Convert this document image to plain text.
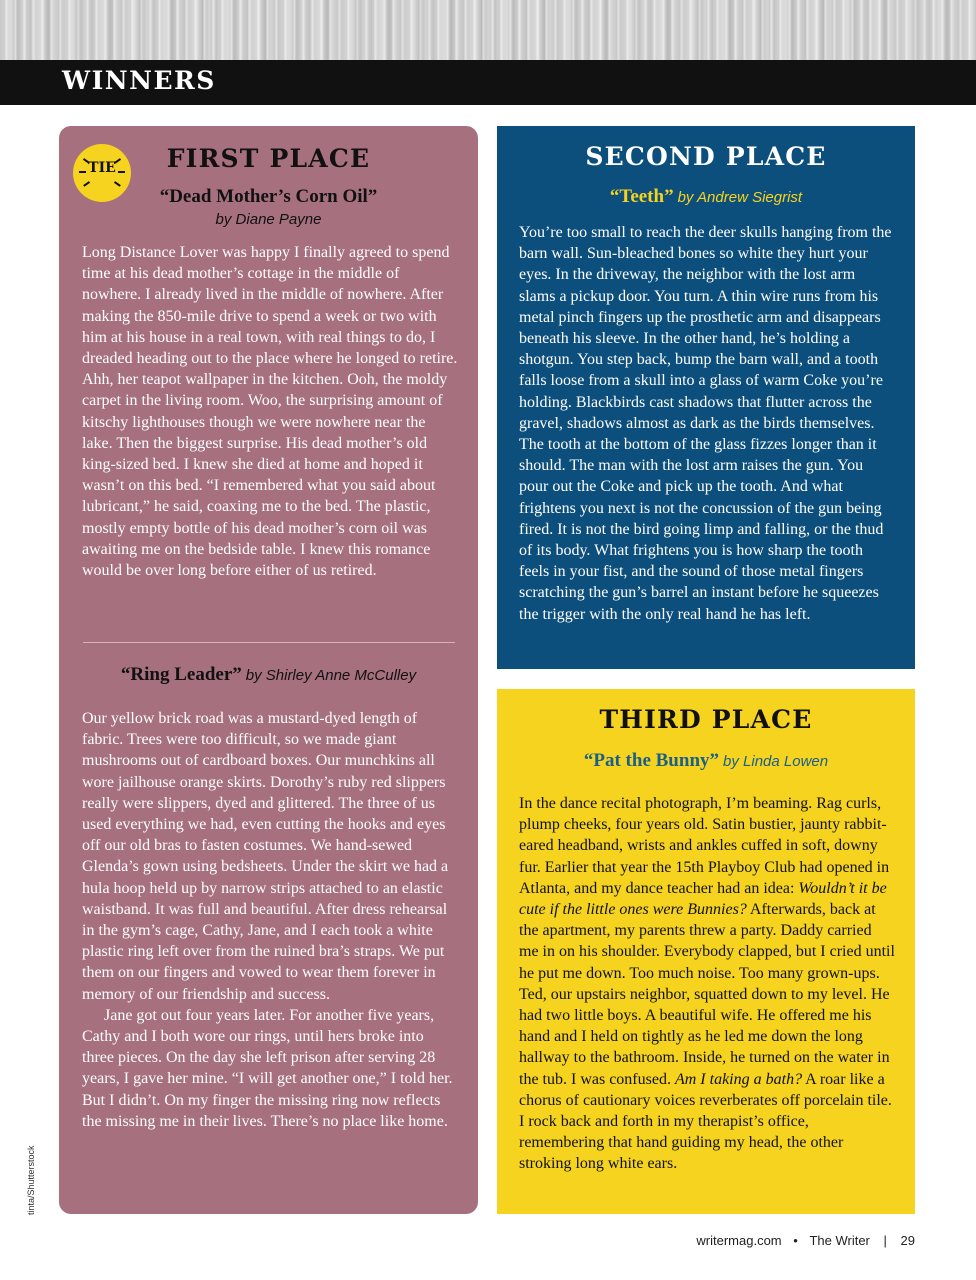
WINNERS
TIE	FIRST PLACE
“Dead Mother’s Corn Oil”
by Diane Payne

Long Distance Lover was happy I finally agreed to spend time at his dead mother’s cottage in the middle of nowhere. I already lived in the middle of nowhere. After making the 850-mile drive to spend a week or two with him at his house in a real town, with real things to do, I dreaded heading out to the place where he longed to retire. Ahh, her teapot wallpaper in the kitchen. Ooh, the moldy carpet in the living room. Woo, the surprising amount of kitschy lighthouses though we were nowhere near the lake. Then the biggest surprise. His dead mother’s old king-sized bed. I knew she died at home and hoped it wasn’t on this bed. “I remembered what you said about lubricant,” he said, coaxing me to the bed. The plastic, mostly empty bottle of his dead mother’s corn oil was awaiting me on the bedside table. I knew this romance would be over long before either of us retired.

“Ring Leader” by Shirley Anne McCulley

Our yellow brick road was a mustard-dyed length of fabric. Trees were too difficult, so we made giant mushrooms out of cardboard boxes. Our munchkins all wore jailhouse orange skirts. Dorothy’s ruby red slippers really were slippers, dyed and glittered. The three of us used everything we had, even cutting the hooks and eyes off our old bras to fasten costumes. We hand-sewed Glenda’s gown using bedsheets. Under the skirt we had a hula hoop held up by narrow strips attached to an elastic waistband. It was full and beautiful. After dress rehearsal in the gym’s cage, Cathy, Jane, and I each took a white plastic ring left over from the ruined bra’s straps. We put them on our fingers and vowed to wear them forever in memory of our friendship and success.

Jane got out four years later. For another five years, Cathy and I both wore our rings, until hers broke into three pieces. On the day she left prison after serving 28 years, I gave her mine. “I will get another one,” I told her. But I didn’t. On my finger the missing ring now reflects the missing me in their lives. There’s no place like home.

SECOND PLACE
“Teeth” by Andrew Siegrist

You’re too small to reach the deer skulls hanging from the barn wall. Sun-bleached bones so white they hurt your eyes. In the driveway, the neighbor with the lost arm slams a pickup door. You turn. A thin wire runs from his metal pinch fingers up the prosthetic arm and disappears beneath his sleeve. In the other hand, he’s holding a shotgun. You step back, bump the barn wall, and a tooth falls loose from a skull into a glass of warm Coke you’re holding. Blackbirds cast shadows that flutter across the gravel, shadows almost as dark as the birds themselves. The tooth at the bottom of the glass fizzes longer than it should. The man with the lost arm raises the gun. You pour out the Coke and pick up the tooth. And what frightens you next is not the concussion of the gun being fired. It is not the bird going limp and falling, or the thud of its body. What frightens you is how sharp the tooth feels in your fist, and the sound of those metal fingers scratching the gun’s barrel an instant before he squeezes the trigger with the only real hand he has left.

THIRD PLACE
“Pat the Bunny” by Linda Lowen

In the dance recital photograph, I’m beaming. Rag curls, plump cheeks, four years old. Satin bustier, jaunty rabbit-eared headband, wrists and ankles cuffed in soft, downy fur. Earlier that year the 15th Playboy Club had opened in Atlanta, and my dance teacher had an idea: Wouldn’t it be cute if the little ones were Bunnies? Afterwards, back at the apartment, my parents threw a party. Daddy carried me in on his shoulder. Everybody clapped, but I cried until he put me down. Too much noise. Too many grown-ups. Ted, our upstairs neighbor, squatted down to my level. He had two little boys. A beautiful wife. He offered me his hand and I held on tightly as he led me down the long hallway to the bathroom. Inside, he turned on the water in the tub. I was confused. Am I taking a bath? A roar like a chorus of cautionary voices reverberates off porcelain tile. I rock back and forth in my therapist’s office, remembering that hand guiding my head, the other stroking long white ears.

tinta/Shutterstock
writermag.com • The Writer | 29
